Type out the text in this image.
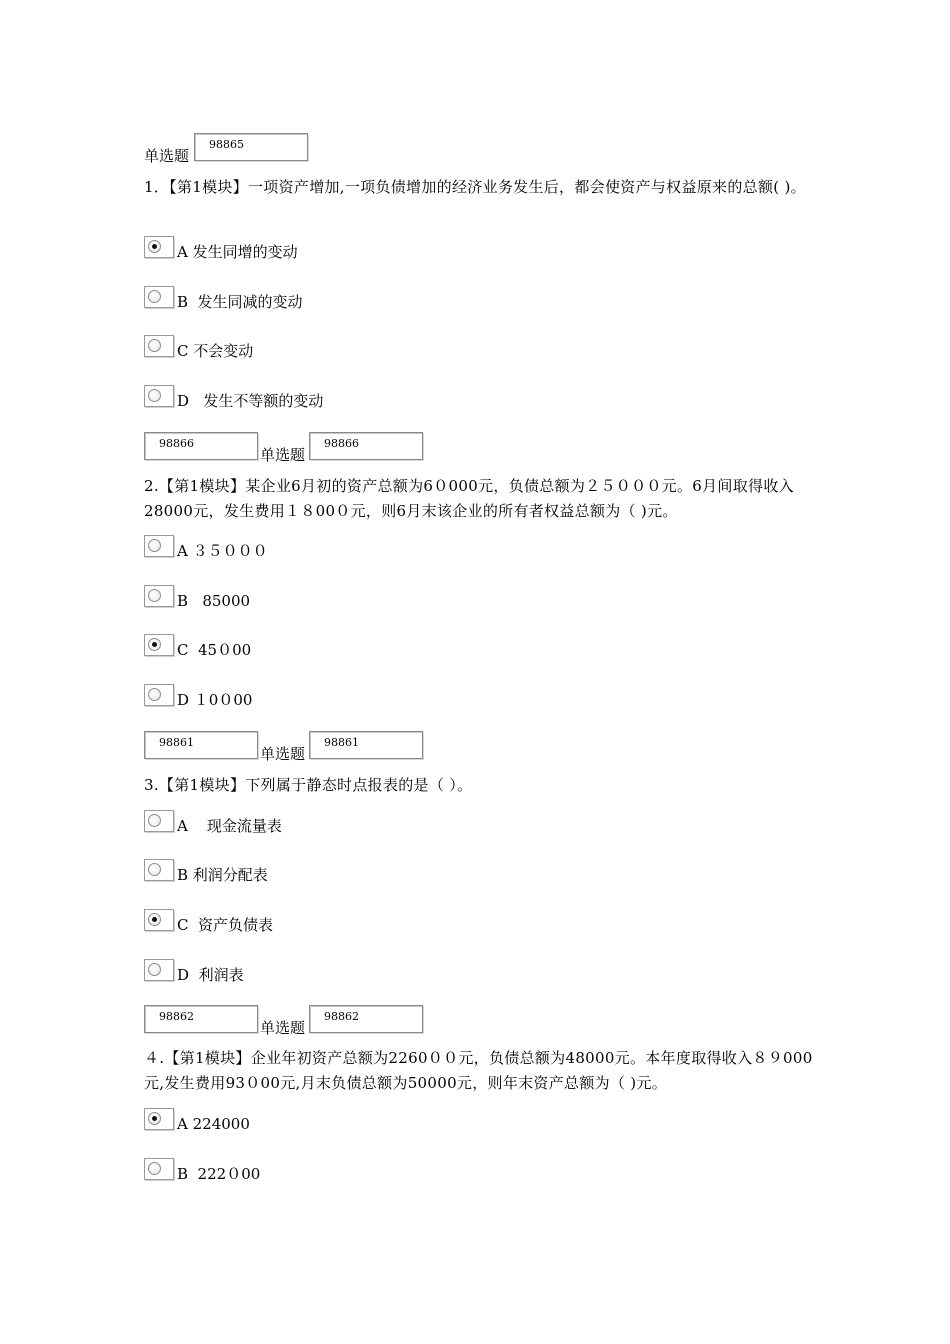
单选题
98865
1．【第1模块】一项资产增加,一项负债增加的经济业务发生后，都会使资产与权益原来的总额( )。
A 发生同增的变动
B  发生同减的变动
C 不会变动
D   发生不等额的变动
98866
单选题
98866
2.【第1模块】某企业6月初的资产总额为6０000元，负债总额为２５０００元。6月间取得收入28000元，发生费用１８00０元，则6月末该企业的所有者权益总额为（ )元。
A ３５０００
B   85000
C  45０00
D １0０00
98861
单选题
98861
3.【第1模块】下列属于静态时点报表的是（ ）。
A    现金流量表
B 利润分配表
C  资产负债表
D  利润表
98862
单选题
98862
４.【第1模块】企业年初资产总额为2260００元，负债总额为48000元。本年度取得收入８９000元,发生费用93０00元,月末负债总额为50000元，则年末资产总额为（ )元。
A 224000
B  222０00
